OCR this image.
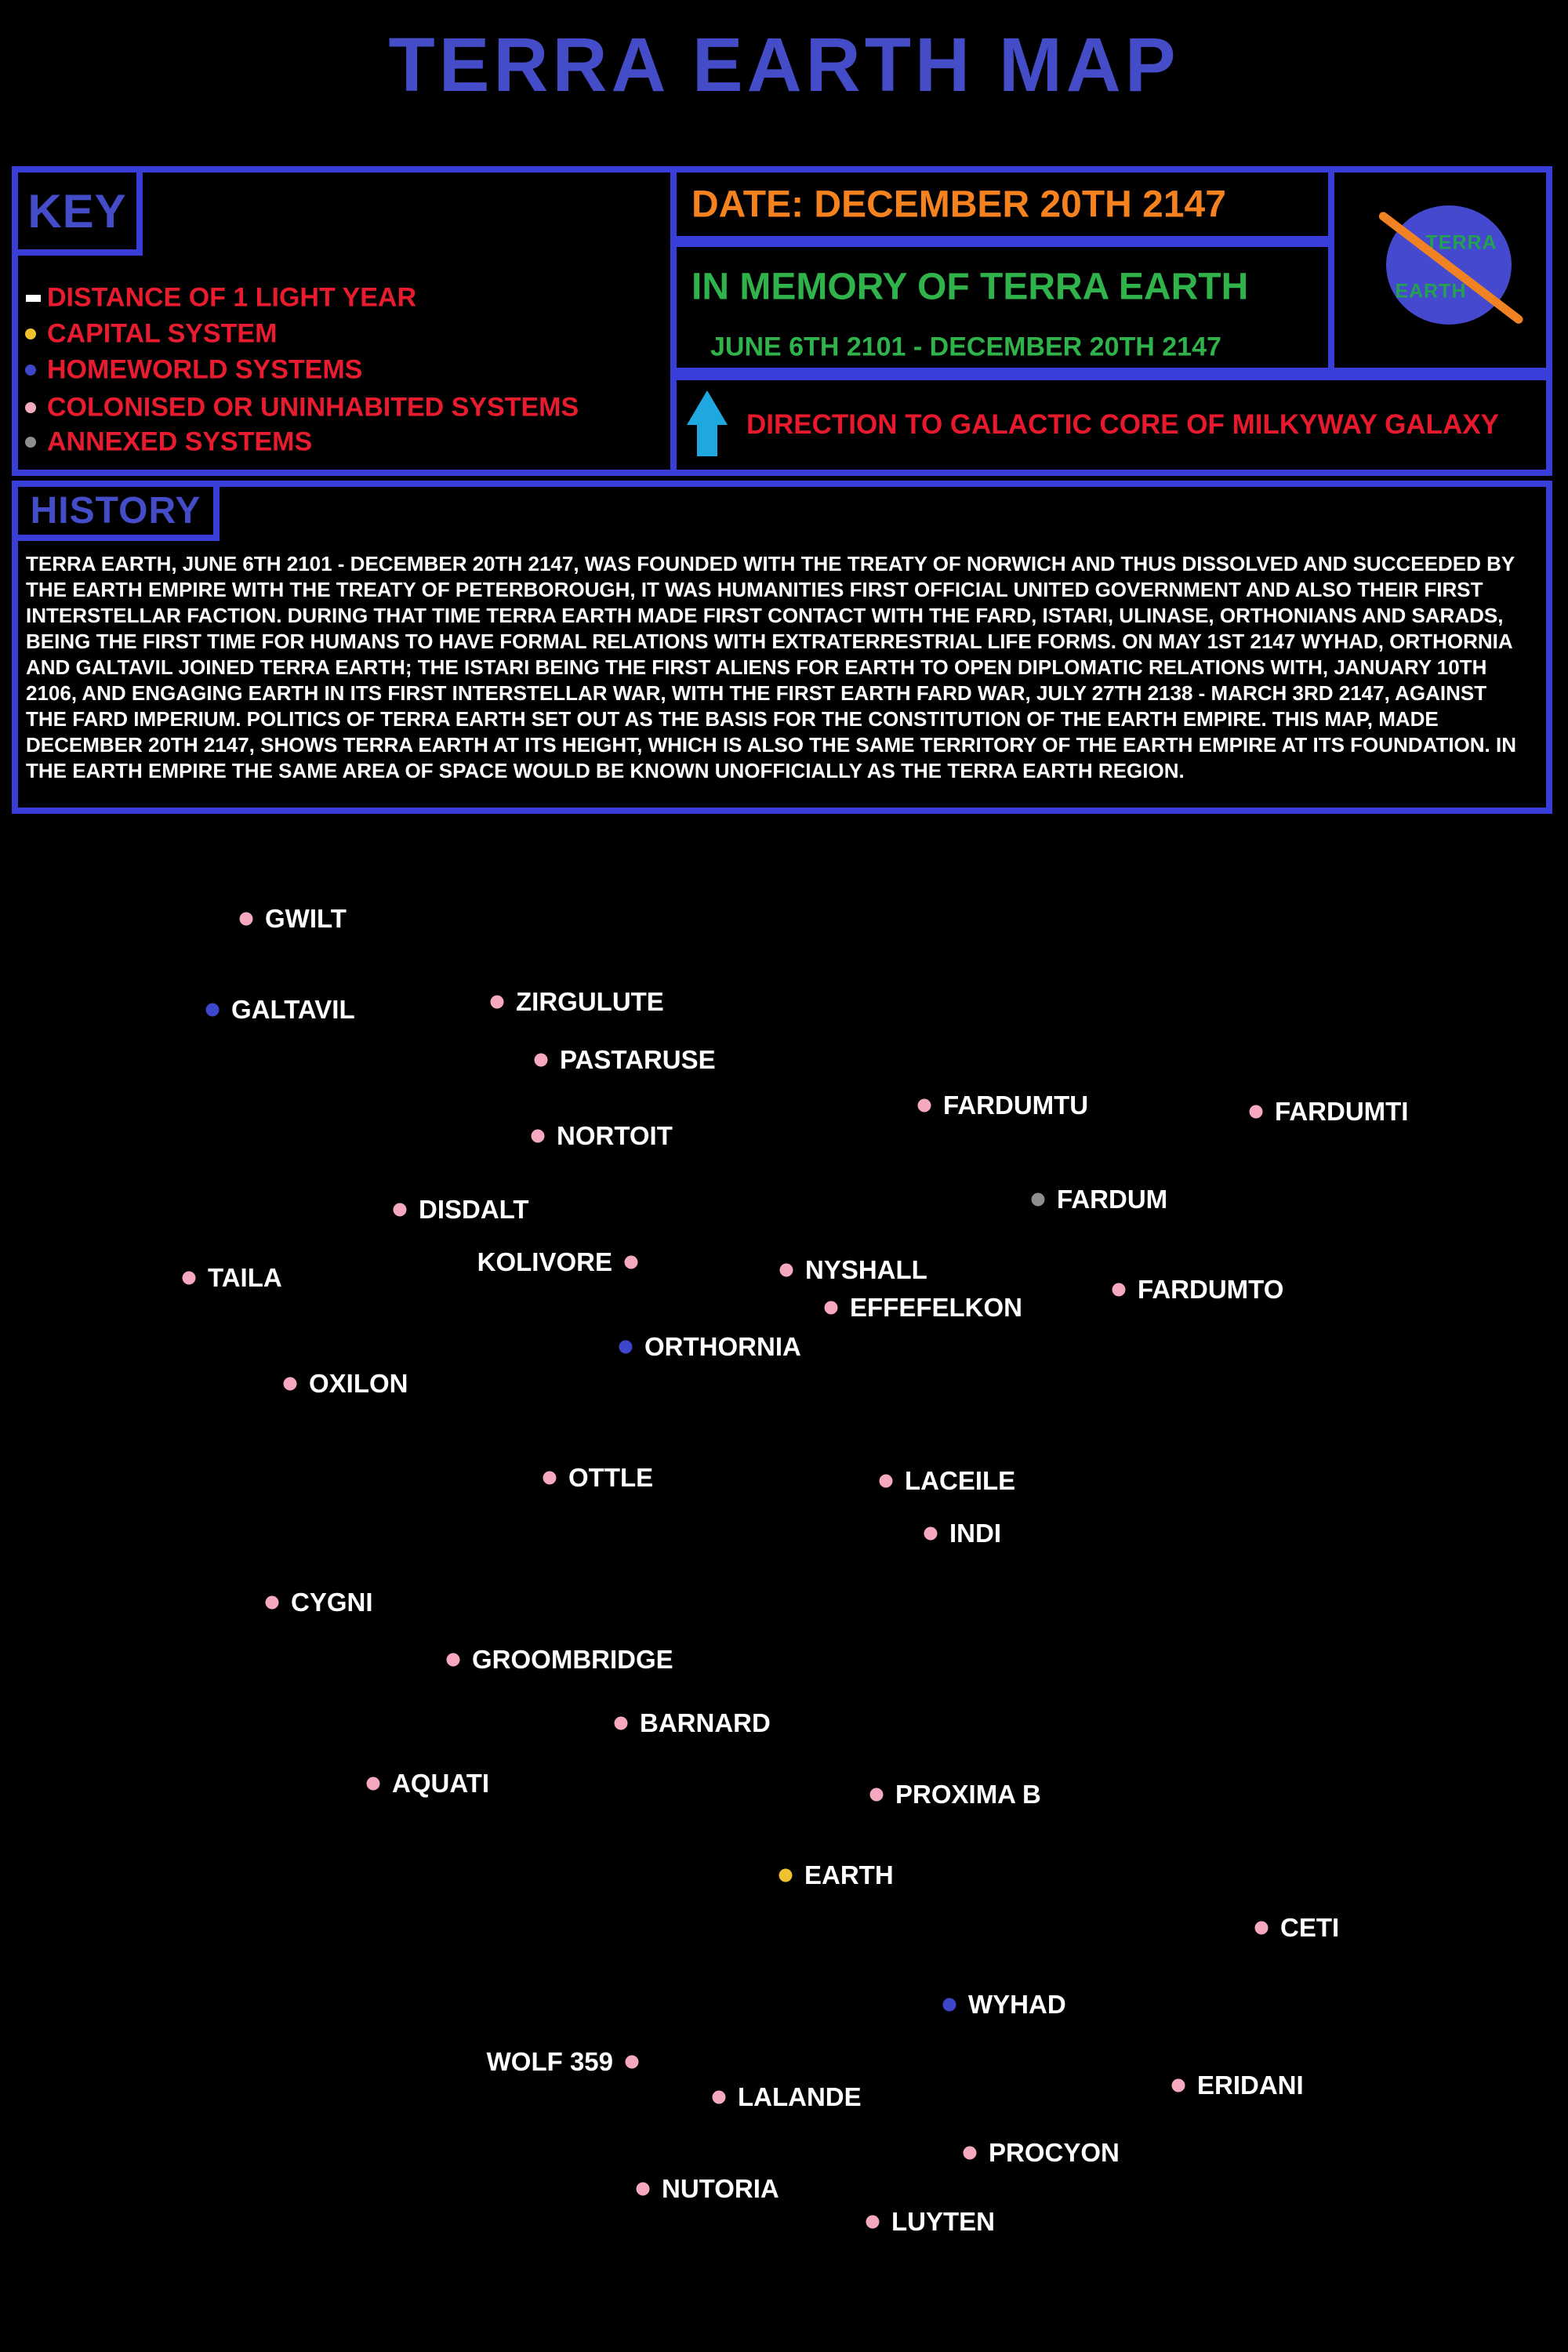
TERRA EARTH MAP
KEY
DISTANCE OF 1 LIGHT YEAR
CAPITAL SYSTEM
HOMEWORLD SYSTEMS
COLONISED OR UNINHABITED SYSTEMS
ANNEXED SYSTEMS
DATE: DECEMBER 20TH 2147
IN MEMORY OF TERRA EARTH
JUNE 6TH 2101 - DECEMBER 20TH 2147
TERRA
EARTH
DIRECTION TO GALACTIC CORE OF MILKYWAY GALAXY
HISTORY
TERRA EARTH, JUNE 6TH 2101 - DECEMBER 20TH 2147, WAS FOUNDED WITH THE TREATY OF NORWICH AND THUS DISSOLVED AND SUCCEEDED BY THE EARTH EMPIRE WITH THE TREATY OF PETERBOROUGH, IT WAS HUMANITIES FIRST OFFICIAL UNITED GOVERNMENT AND ALSO THEIR FIRST INTERSTELLAR FACTION. DURING THAT TIME TERRA EARTH MADE FIRST CONTACT WITH THE FARD, ISTARI, ULINASE, ORTHONIANS AND SARADS, BEING THE FIRST TIME FOR HUMANS TO HAVE FORMAL RELATIONS WITH EXTRATERRESTRIAL LIFE FORMS. ON MAY 1ST 2147 WYHAD, ORTHORNIA AND GALTAVIL JOINED TERRA EARTH; THE ISTARI BEING THE FIRST ALIENS FOR EARTH TO OPEN DIPLOMATIC RELATIONS WITH, JANUARY 10TH 2106, AND ENGAGING EARTH IN ITS FIRST INTERSTELLAR WAR, WITH THE FIRST EARTH FARD WAR, JULY 27TH 2138 - MARCH 3RD 2147, AGAINST THE FARD IMPERIUM. POLITICS OF TERRA EARTH SET OUT AS THE BASIS FOR THE CONSTITUTION OF THE EARTH EMPIRE. THIS MAP, MADE DECEMBER 20TH 2147, SHOWS TERRA EARTH AT ITS HEIGHT, WHICH IS ALSO THE SAME TERRITORY OF THE EARTH EMPIRE AT ITS FOUNDATION. IN THE EARTH EMPIRE THE SAME AREA OF SPACE WOULD BE KNOWN UNOFFICIALLY AS THE TERRA EARTH REGION.
GWILT
GALTAVIL	ZIRGULUTE
PASTARUSE
NORTOIT
FARDUMTU	FARDUMTI
DISDALT	FARDUM
KOLIVORE	NYSHALL
TAILA
EFFEFELKON
FARDUMTO
ORTHORNIA
OXILON
OTTLE	LACEILE
INDI
CYGNI
GROOMBRIDGE
BARNARD
AQUATI	PROXIMA B
EARTH
CETI
WYHAD
WOLF 359
LALANDE	ERIDANI
PROCYON
NUTORIA
LUYTEN
